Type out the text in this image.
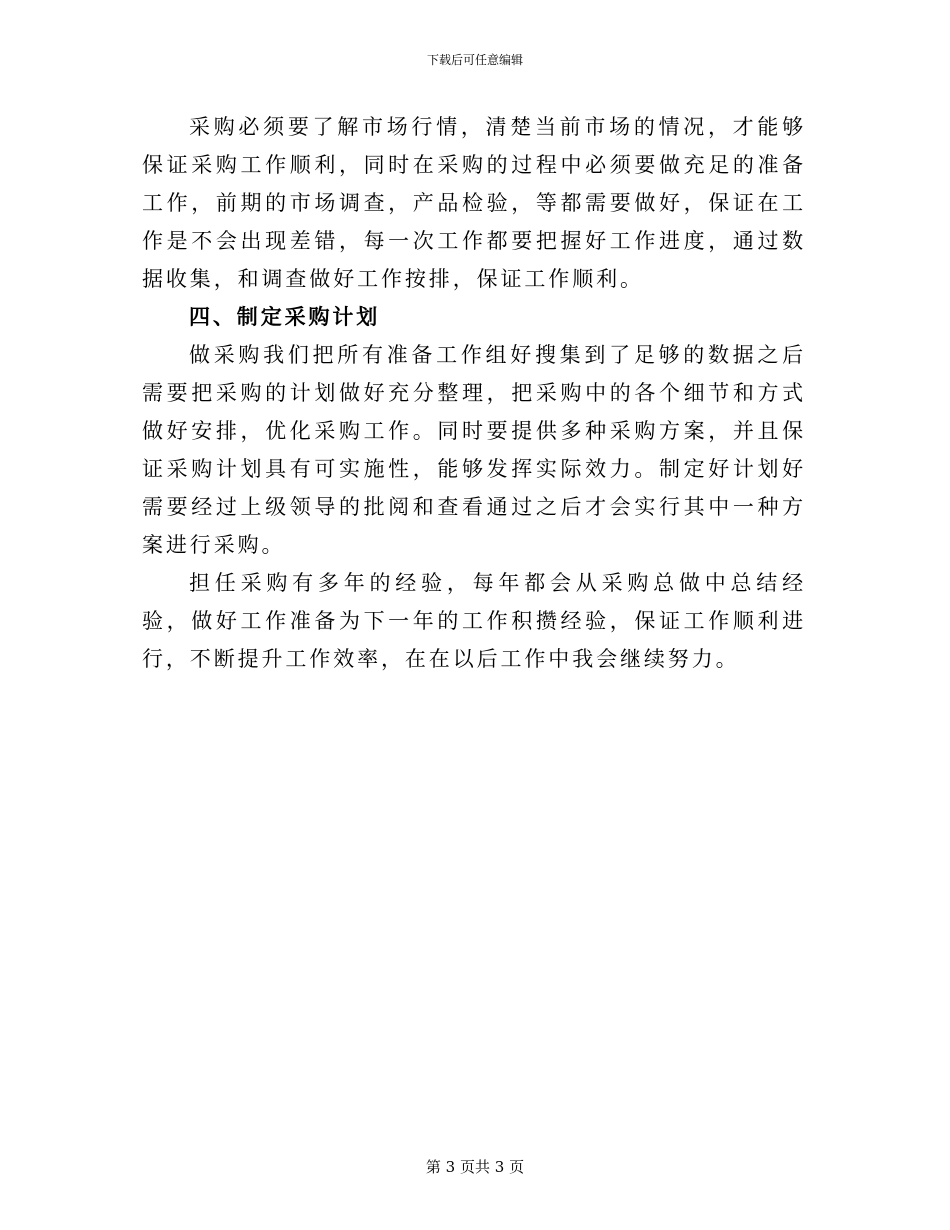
下载后可任意编辑

采购必须要了解市场行情，清楚当前市场的情况，才能够保证采购工作顺利，同时在采购的过程中必须要做充足的准备工作，前期的市场调查，产品检验，等都需要做好，保证在工作是不会出现差错，每一次工作都要把握好工作进度，通过数据收集，和调查做好工作按排，保证工作顺利。

四、制定采购计划

做采购我们把所有准备工作组好搜集到了足够的数据之后需要把采购的计划做好充分整理，把采购中的各个细节和方式做好安排，优化采购工作。同时要提供多种采购方案，并且保证采购计划具有可实施性，能够发挥实际效力。制定好计划好需要经过上级领导的批阅和查看通过之后才会实行其中一种方案进行采购。

担任采购有多年的经验，每年都会从采购总做中总结经验，做好工作准备为下一年的工作积攒经验，保证工作顺利进行，不断提升工作效率，在在以后工作中我会继续努力。

第 3 页共 3 页
